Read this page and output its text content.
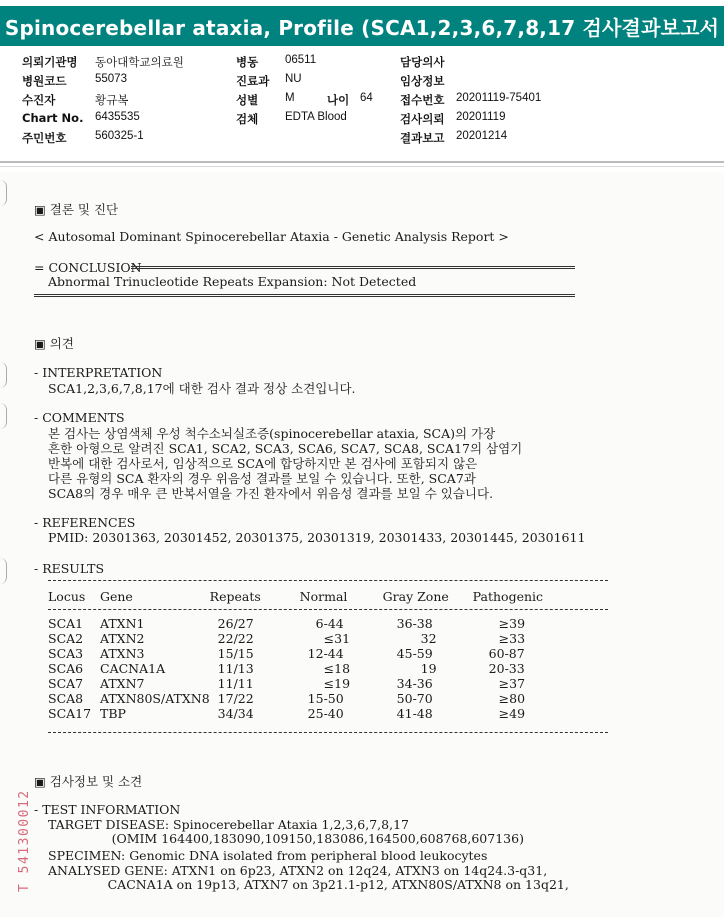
Spinocerebellar ataxia, Profile (SCA1,2,3,6,7,8,17 검사결과보고서
의뢰기관명 동아대학교의료원	병동 06511	담당의사
병원코드 55073	진료과 NU	임상정보
수진자	황규복	성별 M	나이 64 접수번호 20201119-75401
Chart No. 6435535	검체 EDTA Blood	검사의뢰 20201119
주민번호 560325-1	결과보고 20201214
▣ 결론 및 진단
< Autosomal Dominant Spinocerebellar Ataxia - Genetic Analysis Report >
= CONCLUSION
Abnormal Trinucleotide Repeats Expansion: Not Detected
▣ 의견
- INTERPRETATION
SCA1,2,3,6,7,8,17에 대한 검사 결과 정상 소견입니다.
- COMMENTS
본 검사는 상염색체 우성 척수소뇌실조증(spinocerebellar ataxia, SCA)의 가장
흔한 아형으로 알려진 SCA1, SCA2, SCA3, SCA6, SCA7, SCA8, SCA17의 삼염기
반복에 대한 검사로서, 임상적으로 SCA에 합당하지만 본 검사에 포함되지 않은
다른 유형의 SCA 환자의 경우 위음성 결과를 보일 수 있습니다. 또한, SCA7과
SCA8의 경우 매우 큰 반복서열을 가진 환자에서 위음성 결과를 보일 수 있습니다.
- REFERENCES
PMID: 20301363, 20301452, 20301375, 20301319, 20301433, 20301445, 20301611
- RESULTS
Locus	Gene	Repeats	Normal	Gray Zone	Pathogenic

SCA1	ATXN1	26/27	6-44	36-38	≥39
SCA2	ATXN2	22/22	≤31	32	≥33
SCA3	ATXN3	15/15	12-44	45-59	60-87
SCA6	CACNA1A	11/13	≤18	19	20-33
SCA7	ATXN7	11/11	≤19	34-36	≥37
SCA8	ATXN80S/ATXN8	17/22	15-50	50-70	≥80
SCA17	TBP	34/34	25-40	41-48	≥49
T 541300012
▣ 검사정보 및 소견
- TEST INFORMATION
TARGET DISEASE: Spinocerebellar Ataxia 1,2,3,6,7,8,17
(OMIM 164400,183090,109150,183086,164500,608768,607136)
SPECIMEN: Genomic DNA isolated from peripheral blood leukocytes
ANALYSED GENE: ATXN1 on 6p23, ATXN2 on 12q24, ATXN3 on 14q24.3-q31,
CACNA1A on 19p13, ATXN7 on 3p21.1-p12, ATXN80S/ATXN8 on 13q21,
